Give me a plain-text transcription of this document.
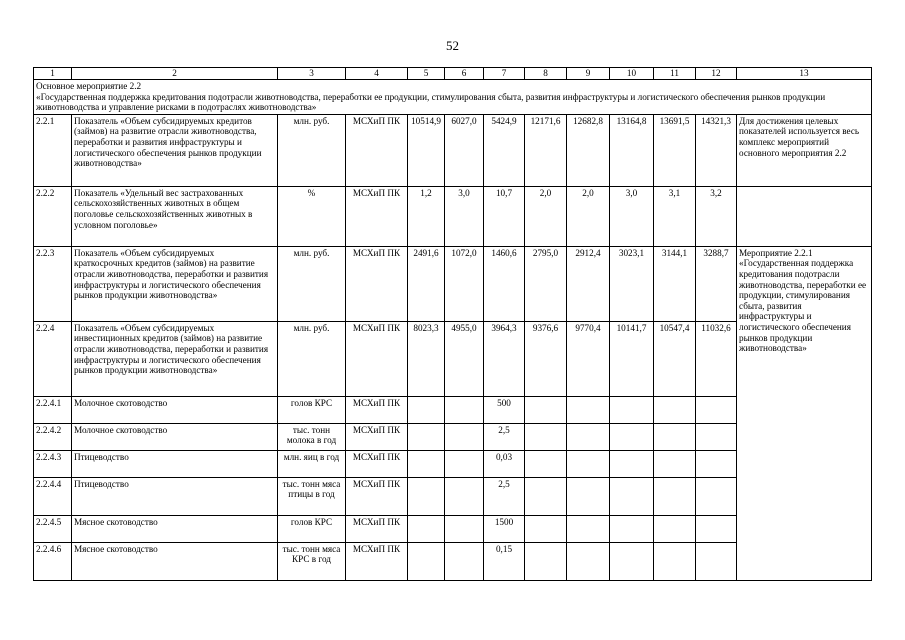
52
1	2	3	4	5	6	7	8	9	10	11	12	13

Основное мероприятие 2.2
«Государственная поддержка кредитования подотрасли животноводства, переработки ее продукции, стимулирования сбыта, развития инфраструктуры и логистического обеспечения рынков продукции животноводства и управление рисками в подотраслях животноводства»												

2.2.1	Показатель «Объем субсидируемых кредитов (займов) на развитие отрасли животноводства, переработки и развития инфраструктуры и логистического обеспечения рынков продукции животноводства»	млн. руб.	МСХиП ПК	10514,9	6027,0	5424,9	12171,6	12682,8	13164,8	13691,5	14321,3	Для достижения целевых показателей используется весь комплекс мероприятий основного мероприятия 2.2
2.2.2	Показатель «Удельный вес застрахованных сельскохозяйственных животных в общем поголовье сельскохозяйственных животных в условном поголовье»	%	МСХиП ПК	1,2	3,0	10,7	2,0	2,0	3,0	3,1	3,2	
2.2.3	Показатель «Объем субсидируемых краткосрочных кредитов (займов) на развитие отрасли животноводства, переработки и развития инфраструктуры и логистического обеспечения рынков продукции животноводства»	млн. руб.	МСХиП ПК	2491,6	1072,0	1460,6	2795,0	2912,4	3023,1	3144,1	3288,7	Мероприятие 2.2.1 «Государственная поддержка кредитования подотрасли животноводства, переработки ее продукции, стимулирования сбыта, развития инфраструктуры и логистического обеспечения рынков продукции животноводства»
2.2.4	Показатель «Объем субсидируемых инвестиционных кредитов (займов) на развитие отрасли животноводства, переработки и развития инфраструктуры и логистического обеспечения рынков продукции животноводства»	млн. руб.	МСХиП ПК	8023,3	4955,0	3964,3	9376,6	9770,4	10141,7	10547,4	11032,6	
2.2.4.1	Молочное скотоводство	голов КРС	МСХиП ПК			500						
2.2.4.2	Молочное скотоводство	тыс. тонн молока в год	МСХиП ПК			2,5						
2.2.4.3	Птицеводство	млн. яиц в год	МСХиП ПК			0,03						
2.2.4.4	Птицеводство	тыс. тонн мяса птицы в год	МСХиП ПК			2,5						
2.2.4.5	Мясное скотоводство	голов КРС	МСХиП ПК			1500						
2.2.4.6	Мясное скотоводство	тыс. тонн мяса КРС в год	МСХиП ПК			0,15						
